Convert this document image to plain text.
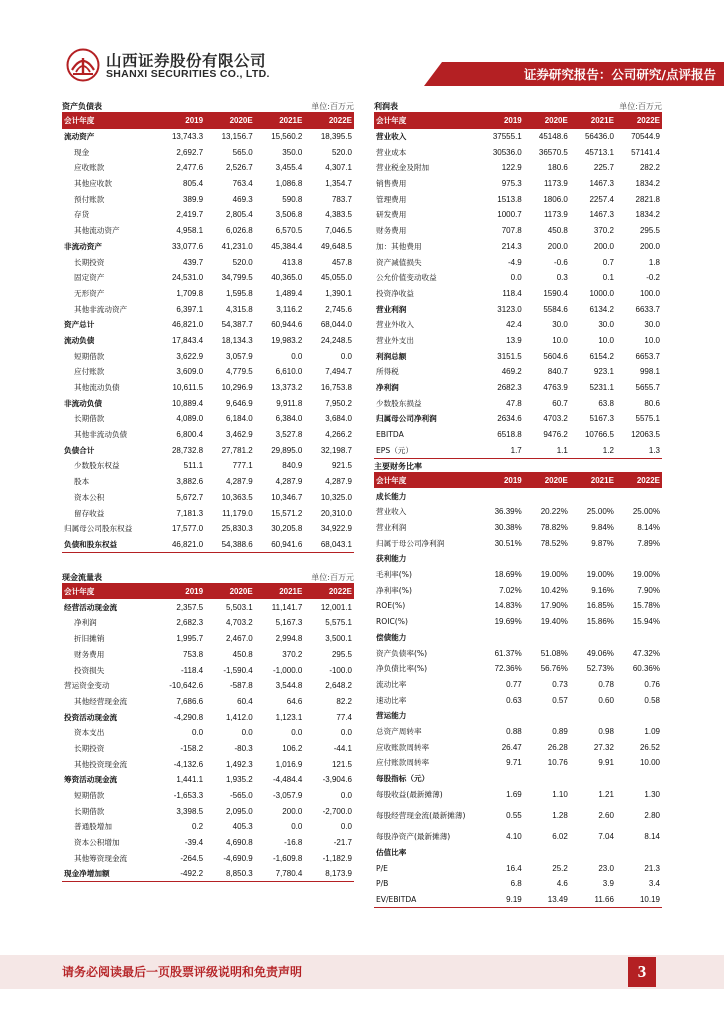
山西证券股份有限公司
SHANXI SECURITIES CO., LTD.	证券研究报告：公司研究/点评报告
资产负债表	单位:百万元
会计年度	2019	2020E	2021E	2022E
流动资产	13,743.3	13,156.7	15,560.2	18,395.5
现金	2,692.7	565.0	350.0	520.0
应收账款	2,477.6	2,526.7	3,455.4	4,307.1
其他应收款	805.4	763.4	1,086.8	1,354.7
预付账款	389.9	469.3	590.8	783.7
存货	2,419.7	2,805.4	3,506.8	4,383.5
其他流动资产	4,958.1	6,026.8	6,570.5	7,046.5
非流动资产	33,077.6	41,231.0	45,384.4	49,648.5
长期投资	439.7	520.0	413.8	457.8
固定资产	24,531.0	34,799.5	40,365.0	45,055.0
无形资产	1,709.8	1,595.8	1,489.4	1,390.1
其他非流动资产	6,397.1	4,315.8	3,116.2	2,745.6
资产总计	46,821.0	54,387.7	60,944.6	68,044.0
流动负债	17,843.4	18,134.3	19,983.2	24,248.5
短期借款	3,622.9	3,057.9	0.0	0.0
应付账款	3,609.0	4,779.5	6,610.0	7,494.7
其他流动负债	10,611.5	10,296.9	13,373.2	16,753.8
非流动负债	10,889.4	9,646.9	9,911.8	7,950.2
长期借款	4,089.0	6,184.0	6,384.0	3,684.0
其他非流动负债	6,800.4	3,462.9	3,527.8	4,266.2
负债合计	28,732.8	27,781.2	29,895.0	32,198.7
少数股东权益	511.1	777.1	840.9	921.5
股本	3,882.6	4,287.9	4,287.9	4,287.9
资本公积	5,672.7	10,363.5	10,346.7	10,325.0
留存收益	7,181.3	11,179.0	15,571.2	20,310.0
归属母公司股东权益	17,577.0	25,830.3	30,205.8	34,922.9
负债和股东权益	46,821.0	54,388.6	60,941.6	68,043.1
现金流量表	单位:百万元
会计年度	2019	2020E	2021E	2022E
经营活动现金流	2,357.5	5,503.1	11,141.7	12,001.1
净利润	2,682.3	4,703.2	5,167.3	5,575.1
折旧摊销	1,995.7	2,467.0	2,994.8	3,500.1
财务费用	753.8	450.8	370.2	295.5
投资损失	-118.4	-1,590.4	-1,000.0	-100.0
营运资金变动	-10,642.6	-587.8	3,544.8	2,648.2
其他经营现金流	7,686.6	60.4	64.6	82.2
投资活动现金流	-4,290.8	1,412.0	1,123.1	77.4
资本支出	0.0	0.0	0.0	0.0
长期投资	-158.2	-80.3	106.2	-44.1
其他投资现金流	-4,132.6	1,492.3	1,016.9	121.5
筹资活动现金流	1,441.1	1,935.2	-4,484.4	-3,904.6
短期借款	-1,653.3	-565.0	-3,057.9	0.0
长期借款	3,398.5	2,095.0	200.0	-2,700.0
普通股增加	0.2	405.3	0.0	0.0
资本公积增加	-39.4	4,690.8	-16.8	-21.7
其他筹资现金流	-264.5	-4,690.9	-1,609.8	-1,182.9
现金净增加额	-492.2	8,850.3	7,780.4	8,173.9
利润表	单位:百万元
会计年度	2019	2020E	2021E	2022E
营业收入	37555.1	45148.6	56436.0	70544.9
营业成本	30536.0	36570.5	45713.1	57141.4
营业税金及附加	122.9	180.6	225.7	282.2
销售费用	975.3	1173.9	1467.3	1834.2
管理费用	1513.8	1806.0	2257.4	2821.8
研发费用	1000.7	1173.9	1467.3	1834.2
财务费用	707.8	450.8	370.2	295.5
加：其他费用	214.3	200.0	200.0	200.0
资产减值损失	-4.9	-0.6	0.7	1.8
公允价值变动收益	0.0	0.3	0.1	-0.2
投资净收益	118.4	1590.4	1000.0	100.0
营业利润	3123.0	5584.6	6134.2	6633.7
营业外收入	42.4	30.0	30.0	30.0
营业外支出	13.9	10.0	10.0	10.0
利润总额	3151.5	5604.6	6154.2	6653.7
所得税	469.2	840.7	923.1	998.1
净利润	2682.3	4763.9	5231.1	5655.7
少数股东损益	47.8	60.7	63.8	80.6
归属母公司净利润	2634.6	4703.2	5167.3	5575.1
EBITDA	6518.8	9476.2	10766.5	12063.5
EPS（元）	1.7	1.1	1.2	1.3
主要财务比率
会计年度	2019	2020E	2021E	2022E
成长能力				
营业收入	36.39%	20.22%	25.00%	25.00%
营业利润	30.38%	78.82%	9.84%	8.14%
归属于母公司净利润	30.51%	78.52%	9.87%	7.89%
获利能力				
毛利率(%)	18.69%	19.00%	19.00%	19.00%
净利率(%)	7.02%	10.42%	9.16%	7.90%
ROE(%)	14.83%	17.90%	16.85%	15.78%
ROIC(%)	19.69%	19.40%	15.86%	15.94%
偿债能力				
资产负债率(%)	61.37%	51.08%	49.06%	47.32%
净负债比率(%)	72.36%	56.76%	52.73%	60.36%
流动比率	0.77	0.73	0.78	0.76
速动比率	0.63	0.57	0.60	0.58
营运能力				
总资产周转率	0.88	0.89	0.98	1.09
应收账款周转率	26.47	26.28	27.32	26.52
应付账款周转率	9.71	10.76	9.91	10.00
每股指标（元）				
每股收益(最新摊薄)	1.69	1.10	1.21	1.30
每股经营现金流(最新摊薄)	0.55	1.28	2.60	2.80
每股净资产(最新摊薄)	4.10	6.02	7.04	8.14
估值比率				
P/E	16.4	25.2	23.0	21.3
P/B	6.8	4.6	3.9	3.4
EV/EBITDA	9.19	13.49	11.66	10.19
请务必阅读最后一页股票评级说明和免责声明	3
